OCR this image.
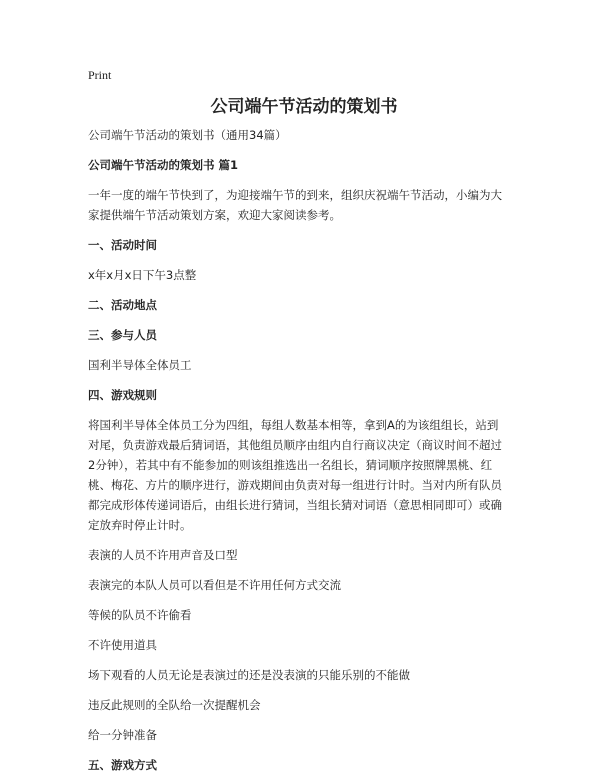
Print
公司端午节活动的策划书

公司端午节活动的策划书（通用34篇）

公司端午节活动的策划书 篇1

一年一度的端午节快到了，为迎接端午节的到来，组织庆祝端午节活动，小编为大
家提供端午节活动策划方案，欢迎大家阅读参考。

一、活动时间

x年x月x日下午3点整

二、活动地点

三、参与人员

国利半导体全体员工

四、游戏规则

将国利半导体全体员工分为四组，每组人数基本相等，拿到A的为该组组长，站到
对尾，负责游戏最后猜词语，其他组员顺序由组内自行商议决定（商议时间不超过
2分钟），若其中有不能参加的则该组推选出一名组长，猜词顺序按照牌黑桃、红
桃、梅花、方片的顺序进行，游戏期间由负责对每一组进行计时。当对内所有队员
都完成形体传递词语后，由组长进行猜词，当组长猜对词语（意思相同即可）或确
定放弃时停止计时。

表演的人员不许用声音及口型

表演完的本队人员可以看但是不许用任何方式交流

等候的队员不许偷看

不许使用道具

场下观看的人员无论是表演过的还是没表演的只能乐别的不能做

违反此规则的全队给一次提醒机会

给一分钟准备

五、游戏方式
